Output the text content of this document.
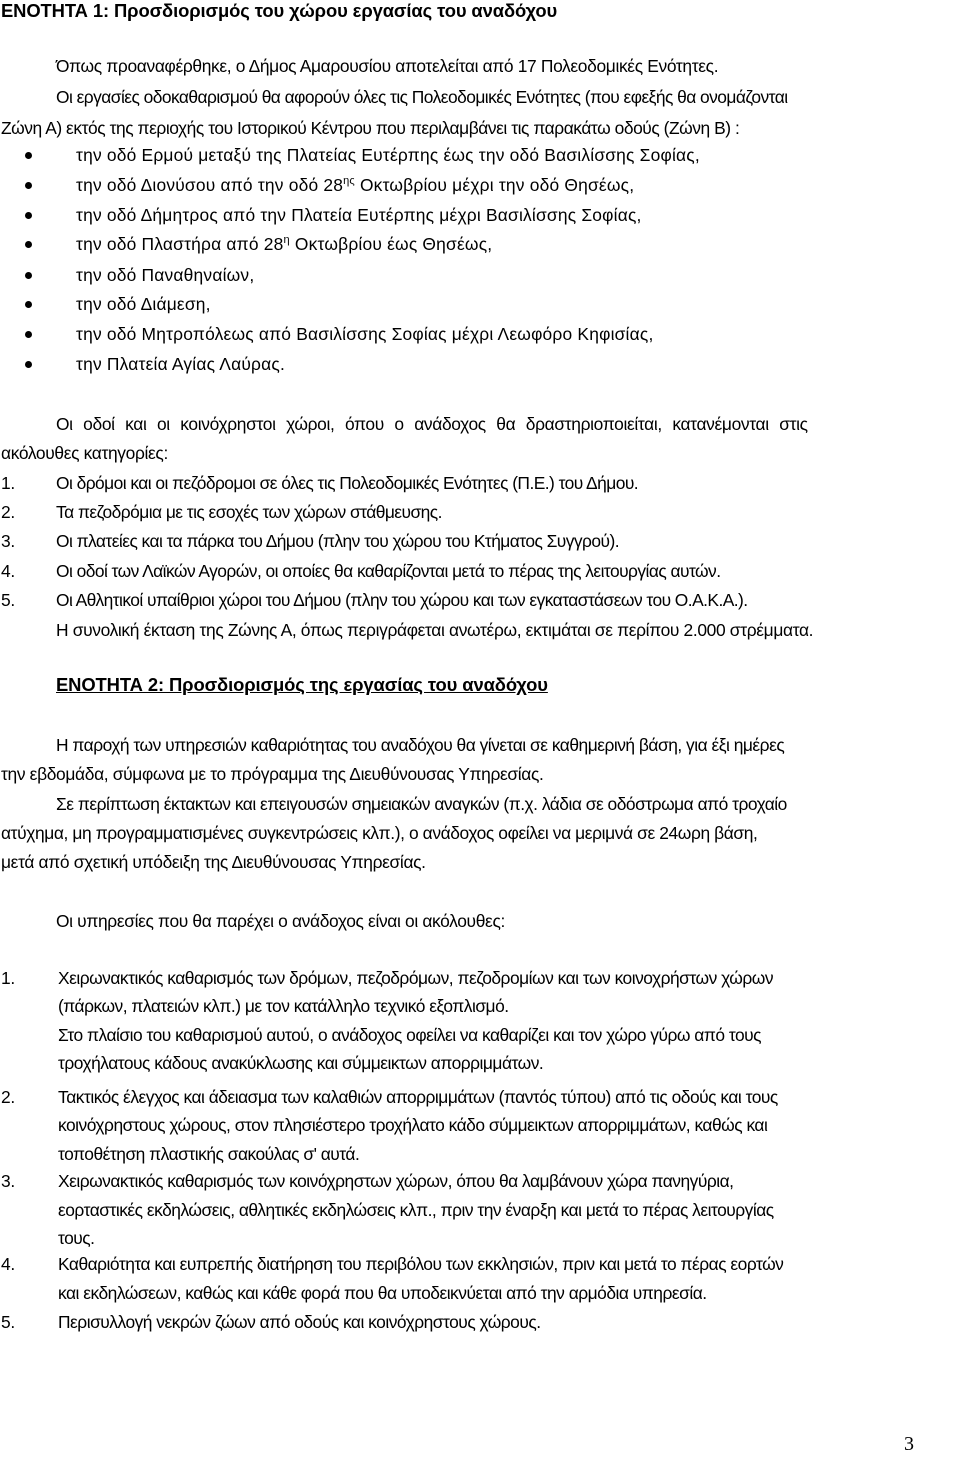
ΕΝΟΤΗΤΑ 1: Προσδιορισμός του χώρου εργασίας του αναδόχου
Όπως προαναφέρθηκε, ο Δήμος Αμαρουσίου αποτελείται από 17 Πολεοδομικές Ενότητες.
Οι εργασίες οδοκαθαρισμού θα αφορούν όλες τις Πολεοδομικές Ενότητες (που εφεξής θα ονομάζονται
Ζώνη Α) εκτός της περιοχής του Ιστορικού Κέντρου που περιλαμβάνει τις παρακάτω οδούς (Ζώνη Β) :
την οδό Ερμού μεταξύ της Πλατείας Ευτέρπης έως την οδό Βασιλίσσης Σοφίας,
την οδό Διονύσου από την οδό $28^{\eta\varsigma}$ Οκτωβρίου μέχρι την οδό Θησέως,
την οδό Δήμητρος από την Πλατεία Ευτέρπης μέχρι Βασιλίσσης Σοφίας,
την οδό Πλαστήρα από $28^\eta$ Οκτωβρίου έως Θησέως,
την οδό Παναθηναίων,
την οδό Διάμεση,
την οδό Μητροπόλεως από Βασιλίσσης Σοφίας μέχρι Λεωφόρο Κηφισίας,
την Πλατεία Αγίας Λαύρας.
Οι οδοί και οι κοινόχρηστοι χώροι, όπου ο ανάδοχος θα δραστηριοποιείται, κατανέμονται στις
ακόλουθες κατηγορίες:
1. Οι δρόμοι και οι πεζόδρομοι σε όλες τις Πολεοδομικές Ενότητες (Π.Ε.) του Δήμου.
2. Τα πεζοδρόμια με τις εσοχές των χώρων στάθμευσης.
3. Οι πλατείες και τα πάρκα του Δήμου (πλην του χώρου του Κτήματος Συγγρού).
4. Οι οδοί των Λαϊκών Αγορών, οι οποίες θα καθαρίζονται μετά το πέρας της λειτουργίας αυτών.
5. Οι Αθλητικοί υπαίθριοι χώροι του Δήμου (πλην του χώρου και των εγκαταστάσεων του Ο.Α.Κ.Α.).
Η συνολική έκταση της Ζώνης Α, όπως περιγράφεται ανωτέρω, εκτιμάται σε περίπου 2.000 στρέμματα.
ΕΝΟΤΗΤΑ 2: Προσδιορισμός της εργασίας του αναδόχου
Η παροχή των υπηρεσιών καθαριότητας του αναδόχου θα γίνεται σε καθημερινή βάση, για έξι ημέρες
την εβδομάδα, σύμφωνα με το πρόγραμμα της Διευθύνουσας Υπηρεσίας.
Σε περίπτωση έκτακτων και επειγουσών σημειακών αναγκών (π.χ. λάδια σε οδόστρωμα από τροχαίο
ατύχημα, μη προγραμματισμένες συγκεντρώσεις κλπ.), ο ανάδοχος οφείλει να μεριμνά σε 24ωρη βάση,
μετά από σχετική υπόδειξη της Διευθύνουσας Υπηρεσίας.
Οι υπηρεσίες που θα παρέχει ο ανάδοχος είναι οι ακόλουθες:
1. Χειρωνακτικός καθαρισμός των δρόμων, πεζοδρόμων, πεζοδρομίων και των κοινοχρήστων χώρων
(πάρκων, πλατειών κλπ.) με τον κατάλληλο τεχνικό εξοπλισμό.
Στο πλαίσιο του καθαρισμού αυτού, ο ανάδοχος οφείλει να καθαρίζει και τον χώρο γύρω από τους
τροχήλατους κάδους ανακύκλωσης και σύμμεικτων απορριμμάτων.
2. Τακτικός έλεγχος και άδειασμα των καλαθιών απορριμμάτων (παντός τύπου) από τις οδούς και τους
κοινόχρηστους χώρους, στον πλησιέστερο τροχήλατο κάδο σύμμεικτων απορριμμάτων, καθώς και
τοποθέτηση πλαστικής σακούλας σ' αυτά.
3. Χειρωνακτικός καθαρισμός των κοινόχρηστων χώρων, όπου θα λαμβάνουν χώρα πανηγύρια,
εορταστικές εκδηλώσεις, αθλητικές εκδηλώσεις κλπ., πριν την έναρξη και μετά το πέρας λειτουργίας
τους.
4. Καθαριότητα και ευπρεπής διατήρηση του περιβόλου των εκκλησιών, πριν και μετά το πέρας εορτών
και εκδηλώσεων, καθώς και κάθε φορά που θα υποδεικνύεται από την αρμόδια υπηρεσία.
5. Περισυλλογή νεκρών ζώων από οδούς και κοινόχρηστους χώρους.
3
